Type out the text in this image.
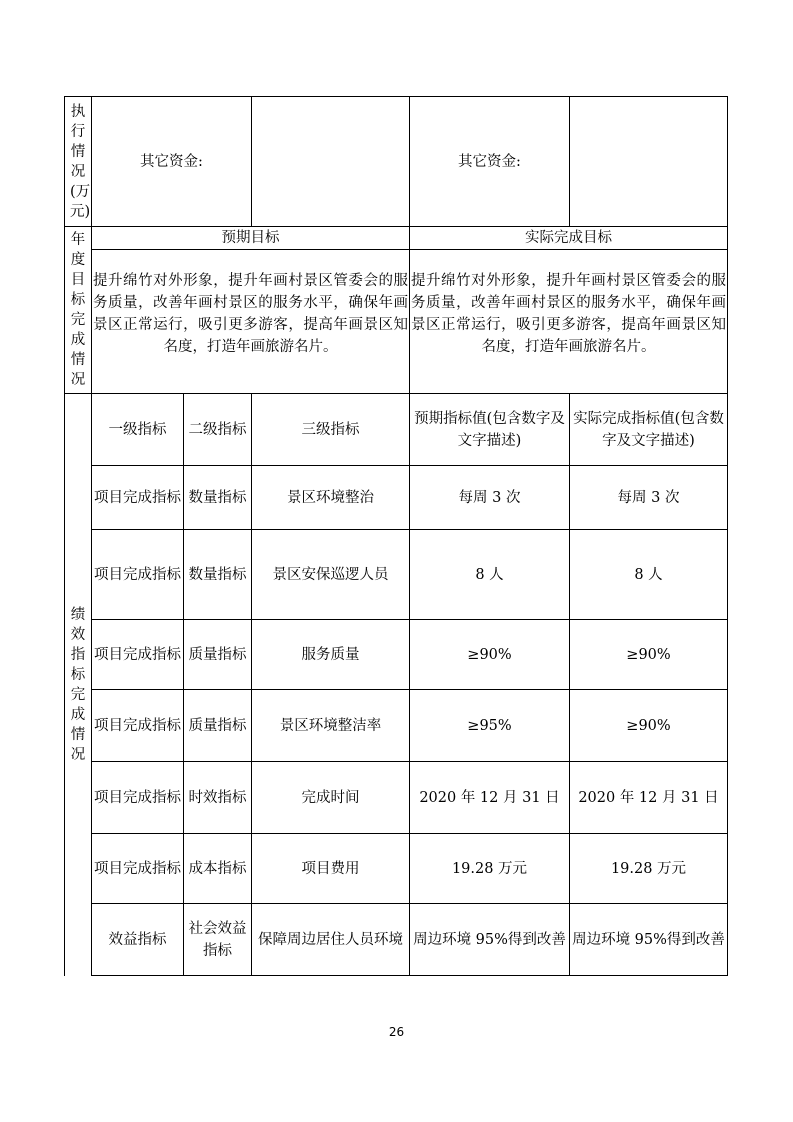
执行情况(万元)	其它资金:			其它资金:	

年度目标完成情况	预期目标			实际完成目标	

	提升绵竹对外形象，提升年画村景区管委会的服务质量，改善年画村景区的服务水平，确保年画景区正常运行，吸引更多游客，提高年画景区知名度，打造年画旅游名片。			提升绵竹对外形象，提升年画村景区管委会的服务质量，改善年画村景区的服务水平，确保年画景区正常运行，吸引更多游客，提高年画景区知名度，打造年画旅游名片。	

绩效指标完成情况	一级指标	二级指标	三级指标	预期指标值(包含数字及文字描述)	实际完成指标值(包含数字及文字描述)
	项目完成指标	数量指标	景区环境整治	每周 3 次	每周 3 次
	项目完成指标	数量指标	景区安保巡逻人员	8 人	8 人
	项目完成指标	质量指标	服务质量	≥90%	≥90%
	项目完成指标	质量指标	景区环境整洁率	≥95%	≥90%
	项目完成指标	时效指标	完成时间	2020 年 12 月 31 日	2020 年 12 月 31 日
	项目完成指标	成本指标	项目费用	19.28 万元	19.28 万元
	效益指标	社会效益指标	保障周边居住人员环境	周边环境 95%得到改善	周边环境 95%得到改善
26
